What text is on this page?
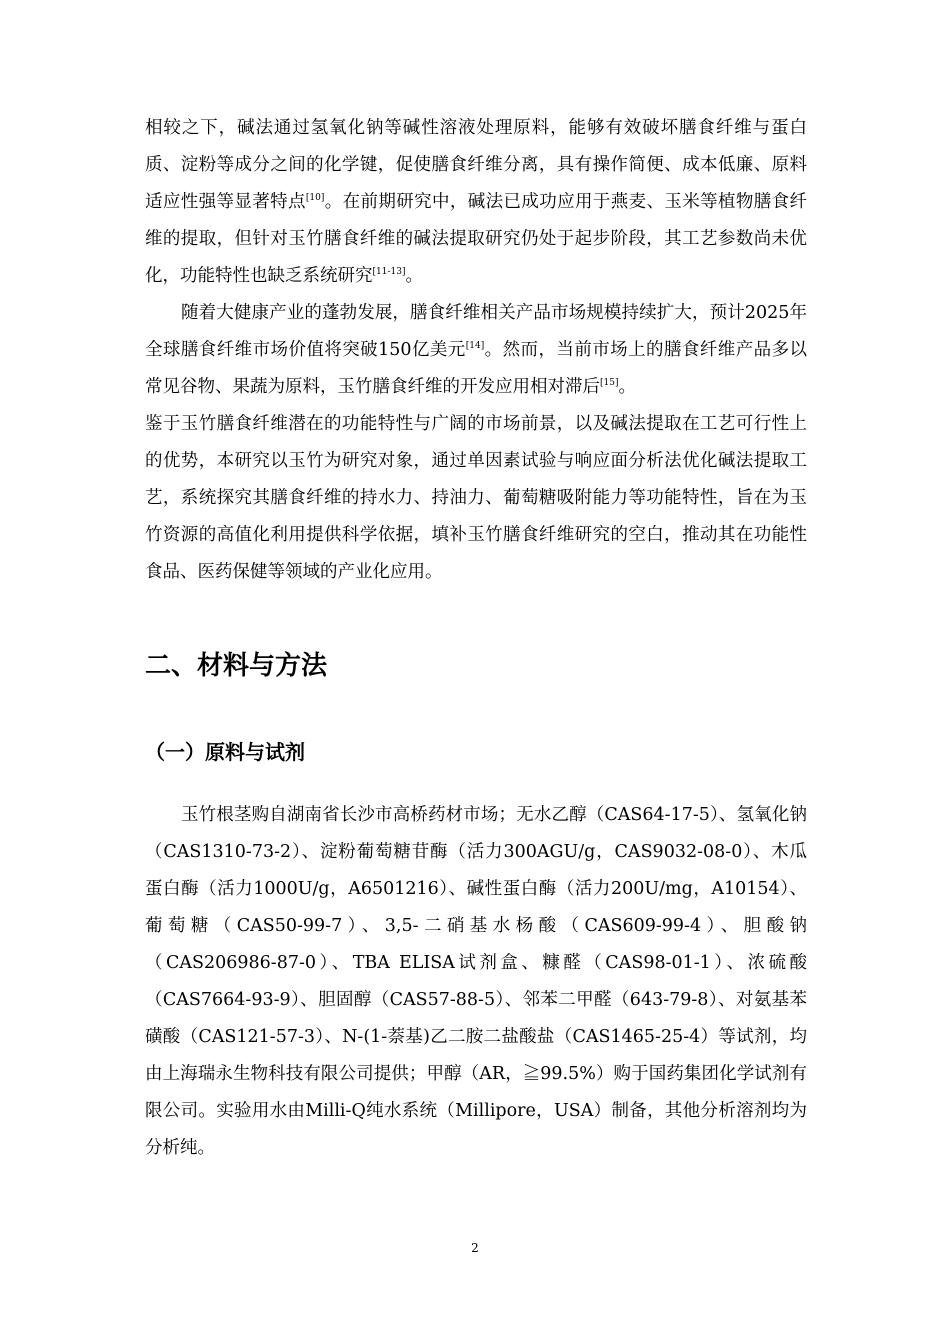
相较之下，碱法通过氢氧化钠等碱性溶液处理原料，能够有效破坏膳食纤维与蛋白质、淀粉等成分之间的化学键，促使膳食纤维分离，具有操作简便、成本低廉、原料适应性强等显著特点[10]。在前期研究中，碱法已成功应用于燕麦、玉米等植物膳食纤维的提取，但针对玉竹膳食纤维的碱法提取研究仍处于起步阶段，其工艺参数尚未优化，功能特性也缺乏系统研究[11-13]。

随着大健康产业的蓬勃发展，膳食纤维相关产品市场规模持续扩大，预计2025年全球膳食纤维市场价值将突破150亿美元[14]。然而，当前市场上的膳食纤维产品多以常见谷物、果蔬为原料，玉竹膳食纤维的开发应用相对滞后[15]。

鉴于玉竹膳食纤维潜在的功能特性与广阔的市场前景，以及碱法提取在工艺可行性上的优势，本研究以玉竹为研究对象，通过单因素试验与响应面分析法优化碱法提取工艺，系统探究其膳食纤维的持水力、持油力、葡萄糖吸附能力等功能特性，旨在为玉竹资源的高值化利用提供科学依据，填补玉竹膳食纤维研究的空白，推动其在功能性食品、医药保健等领域的产业化应用。

二、材料与方法
（一）原料与试剂

玉竹根茎购自湖南省长沙市高桥药材市场；无水乙醇（CAS64-17-5）、氢氧化钠（CAS1310-73-2）、淀粉葡萄糖苷酶（活力300AGU/g，CAS9032-08-0）、木瓜蛋白酶（活力1000U/g，A6501216）、碱性蛋白酶（活力200U/mg，A10154）、葡萄糖（CAS50-99-7）、3,5-二硝基水杨酸（CAS609-99-4）、胆酸钠（CAS206986-87-0）、TBA ELISA试剂盒、糠醛（CAS98-01-1）、浓硫酸（CAS7664-93-9）、胆固醇（CAS57-88-5）、邻苯二甲醛（643-79-8）、对氨基苯磺酸（CAS121-57-3）、N-(1-萘基)乙二胺二盐酸盐（CAS1465-25-4）等试剂，均由上海瑞永生物科技有限公司提供；甲醇（AR，≧99.5%）购于国药集团化学试剂有限公司。实验用水由Milli-Q纯水系统（Millipore，USA）制备，其他分析溶剂均为分析纯。

2
